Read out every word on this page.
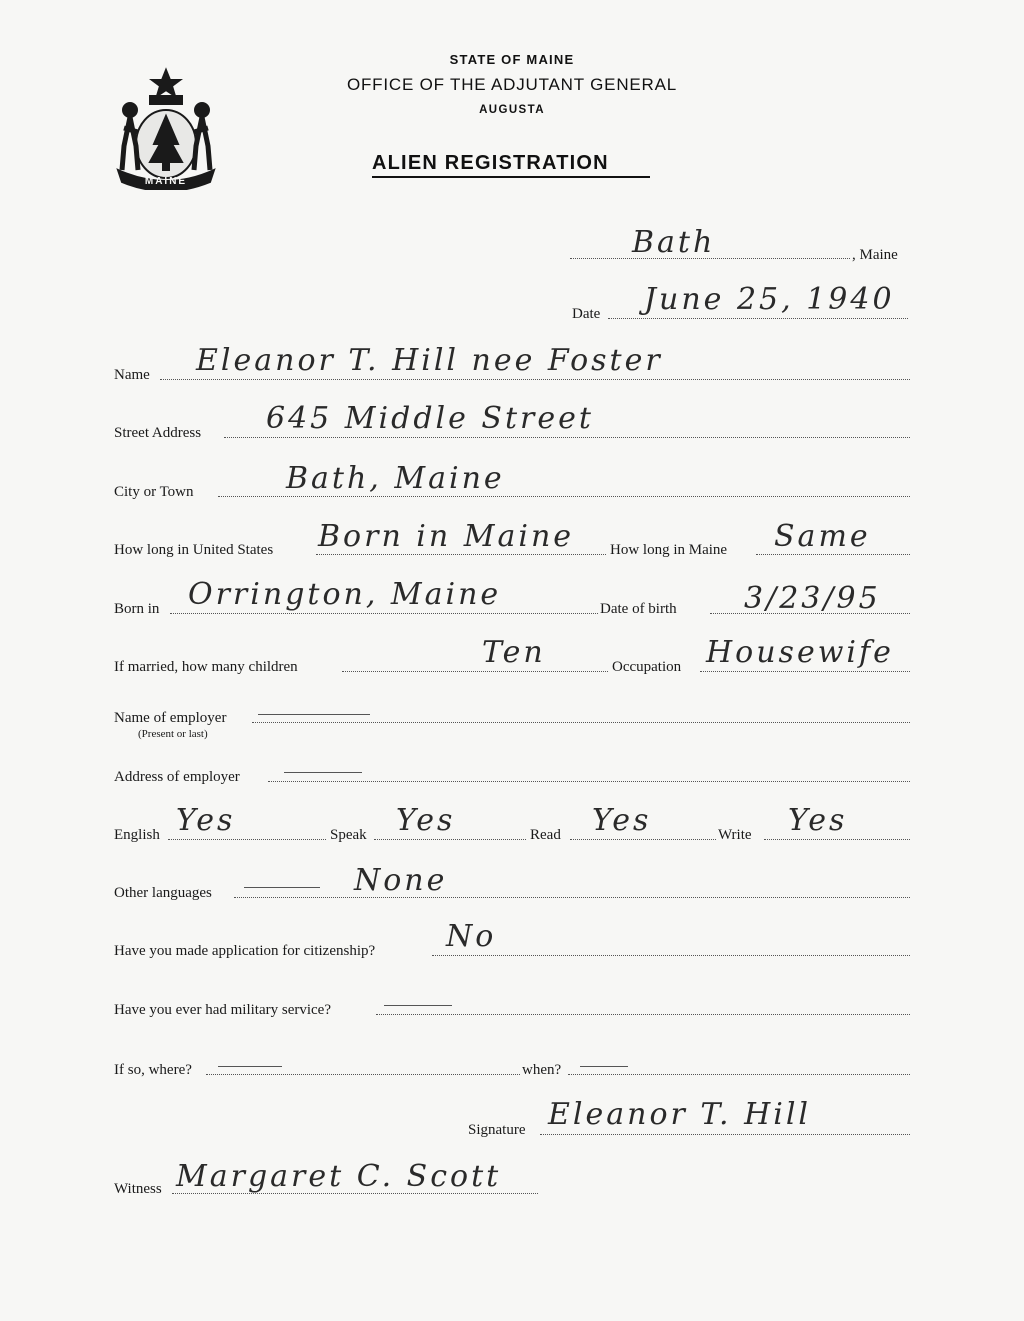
MAINE
STATE OF MAINE
OFFICE OF THE ADJUTANT GENERAL
AUGUSTA
ALIEN REGISTRATION
Bath	, Maine
Date June 25, 1940
Name Eleanor T. Hill nee Foster
Street Address 645 Middle Street
City or Town	Bath, Maine
How long in United States Born in Maine How long in Maine Same
Born in Orrington, Maine	Date of birth 3/23/95
If married, how many children	Ten	Occupation Housewife
Name of employer
(Present or last)
Address of employer
English Yes	Speak Yes	Read Yes	Write Yes
Other languages	None
Have you made application for citizenship? No
Have you ever had military service?
If so, where?	when?
Signature Eleanor T. Hill
Witness Margaret C. Scott
